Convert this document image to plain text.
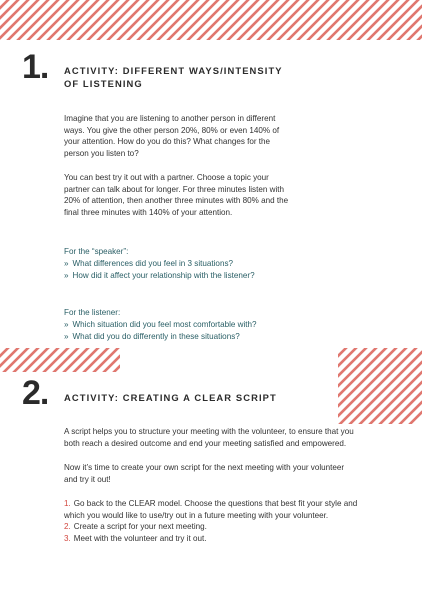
1. ACTIVITY: DIFFERENT WAYS/INTENSITY
OF LISTENING
Imagine that you are listening to another person in different
ways. You give the other person 20%, 80% or even 140% of
your attention. How do you do this? What changes for the
person you listen to?
You can best try it out with a partner. Choose a topic your
partner can talk about for longer. For three minutes listen with
20% of attention, then another three minutes with 80% and the
final three minutes with 140% of your attention.
For the “speaker”:
» What differences did you feel in 3 situations?
» How did it affect your relationship with the listener?
For the listener:
» Which situation did you feel most comfortable with?
» What did you do differently in these situations?
2. ACTIVITY: CREATING A CLEAR SCRIPT
A script helps you to structure your meeting with the volunteer, to ensure that you
both reach a desired outcome and end your meeting satisfied and empowered.
Now it’s time to create your own script for the next meeting with your volunteer
and try it out!
1. Go back to the CLEAR model. Choose the questions that best fit your style and
which you would like to use/try out in a future meeting with your volunteer.
2. Create a script for your next meeting.
3. Meet with the volunteer and try it out.
